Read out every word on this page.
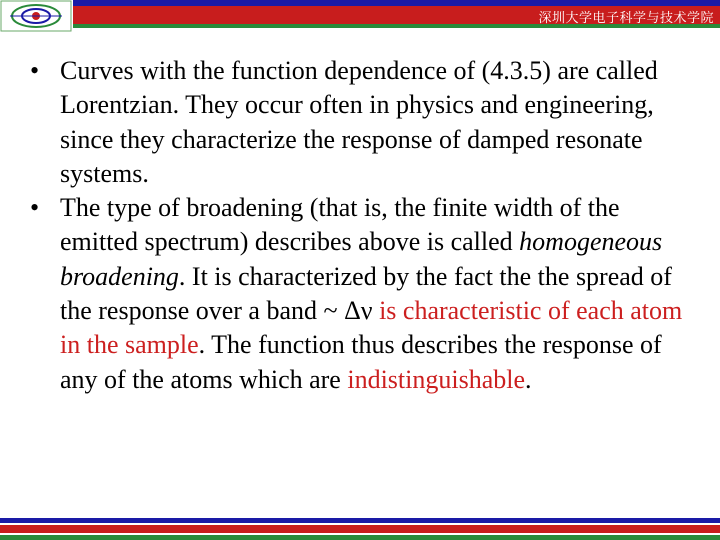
深圳大学电子科学与技术学院

• Curves with the function dependence of (4.3.5) are called Lorentzian. They occur often in physics and engineering, since they characterize the response of damped resonate systems.

• The type of broadening (that is, the finite width of the emitted spectrum) describes above is called homogeneous broadening. It is characterized by the fact the the spread of the response over a band ~ Δν is characteristic of each atom in the sample. The function thus describes the response of any of the atoms which are indistinguishable.
